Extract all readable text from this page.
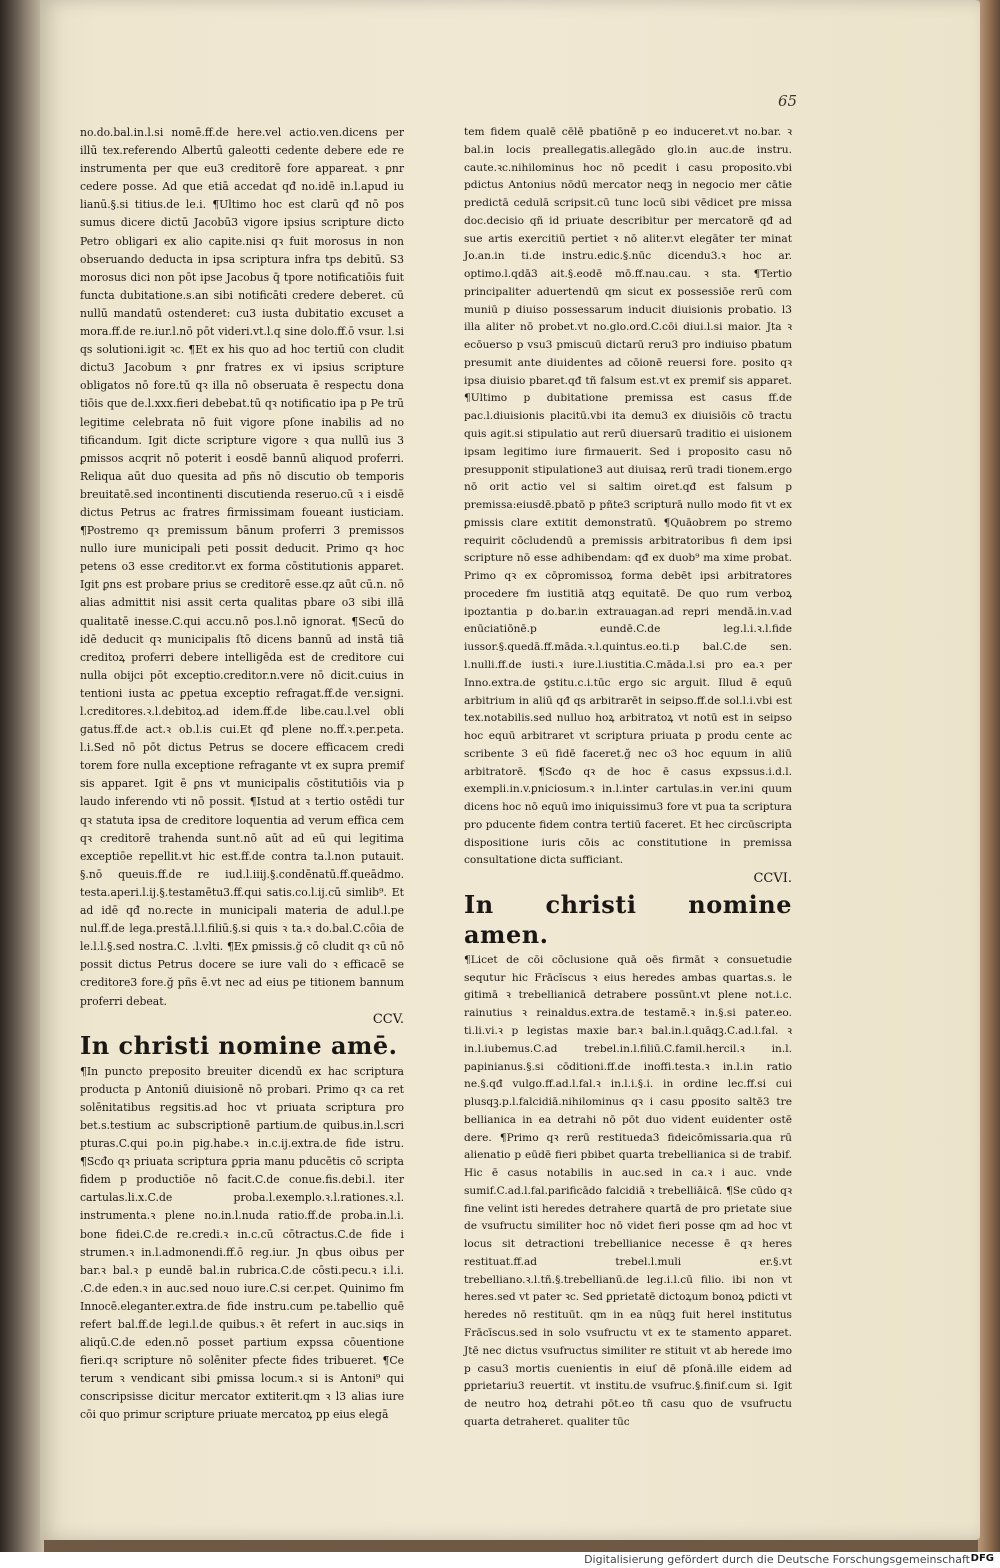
65

no.do.bal.in.l.si nomē.ff.de here.vel actio.ven.dicens per illū tex.referendo Albertū galeotti cedente debere ede re instrumenta per que eu3 creditorē fore appareat. ꝛ ꝑnr cedere posse. Ad que etiā accedat qđ no.idē in.l.apud iu lianū.§.si titius.de le.i. ¶Ultimo hoc est clarū qđ nō pos sumus dicere dictū Jacobū3 vigore ipsius scripture dicto Petro obligari ex alio capite.nisi qꝛ fuit morosus in non obseruando deducta in ipsa scriptura infra tps debitū. S3 morosus dici non pōt ipse Jacobus q̄ tpore notificatiōis fuit functa dubitatione.s.an sibi notificāti credere deberet. cū nullū mandatū ostenderet: cu3 iusta dubitatio excuset a mora.ff.de re.iur.l.nō pōt videri.vt.l.q sine dolo.ff.ō vsur. l.si qs solutioni.igit ꝛc. ¶Et ex his quo ad hoc tertiū con cludit dictu3 Jacobum ꝛ ꝑnr fratres ex vi ipsius scripture obligatos nō fore.tū qꝛ illa nō obseruata ē respectu dona tiōis que de.l.xxx.fieri debebat.tū qꝛ notificatio ipa p Pe trū legitime celebrata nō fuit vigore pſone inabilis ad no tificandum. Igit dicte scripture vigore ꝛ qua nullū ius 3 ꝑmissos acqrit nō poterit i eosdē bannū aliquod proferri. Reliqua aūt duo quesita ad pñs nō discutio ob temporis breuitatē.sed incontinenti discutienda reseruo.cū ꝛ i eisdē dictus Petrus ac fratres firmissimam foueant iusticiam. ¶Postremo qꝛ premissum bānum proferri 3 premissos nullo iure municipali peti possit deducit. Primo qꝛ hoc petens o3 esse creditor.vt ex forma cōstitutionis apparet. Igit ꝑns est probare prius se creditorē esse.qz aūt cū.n. nō alias admittit nisi assit certa qualitas pbare o3 sibi illā qualitatē inesse.C.qui accu.nō pos.l.nō ignorat. ¶Secū do idē deducit qꝛ municipalis ſtō dicens bannū ad instā tiā creditoꝝ proferri debere intelligēda est de creditore cui nulla obijci pōt exceptio.creditor.n.vere nō dicit.cuius in tentioni iusta ac ꝑpetua exceptio refragat.ff.de ver.signi. l.creditores.ꝛ.l.debitoꝝ.ad idem.ff.de libe.cau.l.vel obli gatus.ff.de act.ꝛ ob.l.is cui.Et qđ plene no.ff.ꝛ.per.peta. l.i.Sed nō pōt dictus Petrus se docere efficacem credi torem fore nulla exceptione refragante vt ex supra premif sis apparet. Igit ē ꝑns vt municipalis cōstitutiōis via p laudo inferendo vti nō possit. ¶Istud at ꝛ tertio ostēdi tur qꝛ statuta ipsa de creditore loquentia ad verum effica cem qꝛ creditorē trahenda sunt.nō aūt ad eū qui legitima exceptiōe repellit.vt hic est.ff.de contra ta.l.non putauit. §.nō queuis.ff.de re iud.l.iiij.§.condēnatū.ff.queādmo. testa.aperi.l.ij.§.testamētu3.ff.qui satis.co.l.ij.cū simlib⁹. Et ad idē qđ no.recte in municipali materia de adul.l.pe nul.ff.de lega.prestā.l.l.filiū.§.si quis ꝛ ta.ꝛ do.bal.C.cōia de le.l.l.§.sed nostra.C. .l.vlti. ¶Ex ꝑmissis.ğ cō cludit qꝛ cū nō possit dictus Petrus docere se iure vali do ꝛ efficacē se creditore3 fore.ğ pñs ē.vt nec ad eius pe titionem bannum proferri debeat.

CCV.
In christi nomine amē.

¶In puncto preposito breuiter dicendū ex hac scriptura producta p Antoniū diuisionē nō probari. Primo qꝛ ca ret solēnitatibus regsitis.ad hoc vt priuata scriptura pro bet.s.testium ac subscriptionē partium.de quibus.in.l.scri pturas.C.qui po.in pig.habe.ꝛ in.c.ij.extra.de fide istru. ¶Scđo qꝛ priuata scriptura ꝑpria manu pducētis cō scripta fidem p productiōe nō facit.C.de conue.fis.debi.l. iter cartulas.li.x.C.de proba.l.exemplo.ꝛ.l.rationes.ꝛ.l. instrumenta.ꝛ plene no.in.l.nuda ratio.ff.de proba.in.l.i. bone fidei.C.de re.credi.ꝛ in.c.cū cōtractus.C.de fide i strumen.ꝛ in.l.admonendi.ff.ō reg.iur. Jn qbus oibus per bar.ꝛ bal.ꝛ p eundē bal.in rubrica.C.de cōsti.pecu.ꝛ i.l.i. .C.de eden.ꝛ in auc.sed nouo iure.C.si cer.pet. Quinimo fm Innocē.eleganter.extra.de fide instru.cum pe.tabellio quē refert bal.ff.de legi.l.de quibus.ꝛ ēt refert in auc.siqs in aliqū.C.de eden.nō posset partium expssa cōuentione fieri.qꝛ scripture nō solēniter pfecte fides tribueret. ¶Ce terum ꝛ vendicant sibi ꝑmissa locum.ꝛ si is Antoni⁹ qui conscripsisse dicitur mercator extiterit.qm ꝛ l3 alias iure cōi quo primur scripture priuate mercatoꝝ pp eius elegā

tem fidem qualē cēlē pbatiōnē p eo induceret.vt no.bar. ꝛ bal.in locis preallegatis.allegādo glo.in auc.de instru. caute.ꝛc.nihilominus hoc nō pcedit i casu proposito.vbi pdictus Antonius nōdū mercator neqꝫ in negocio mer cātie predictā cedulā scripsit.cū tunc locū sibi vēdicet pre missa doc.decisio qñ id priuate describitur per mercatorē qđ ad sue artis exercitiū pertiet ꝛ nō aliter.vt elegāter ter minat Jo.an.in ti.de instru.edic.§.nūc dicendu3.ꝛ hoc ar. optimo.l.qdā3 ait.§.eodē mō.ff.nau.cau. ꝛ sta. ¶Tertio principaliter aduertendū qm sicut ex possessiōe rerū com muniū p diuiso possessarum inducit diuisionis probatio. l3 illa aliter nō probet.vt no.glo.ord.C.cōi diui.l.si maior. Jta ꝛ ecōuerso p vsu3 pmiscuū dictarū reru3 pro indiuiso pbatum presumit ante diuidentes ad cōionē reuersi fore. posito qꝛ ipsa diuisio pbaret.qđ tñ falsum est.vt ex premif sis apparet. ¶Ultimo p dubitatione premissa est casus ff.de pac.l.diuisionis placitū.vbi ita demu3 ex diuisiōis cō tractu quis agit.si stipulatio aut rerū diuersarū traditio ei uisionem ipsam legitimo iure firmauerit. Sed i proposito casu nō presupponit stipulatione3 aut diuisaꝝ rerū tradi tionem.ergo nō orit actio vel si saltim oiret.qđ est falsum p premissa:eiusdē.pbatō p pñte3 scripturā nullo modo fit vt ex ꝑmissis clare extitit demonstratū. ¶Quāobrem po stremo requirit cōcludendū a premissis arbitratoribus fi dem ipsi scripture nō esse adhibendam: qđ ex duob⁹ ma xime probat. Primo qꝛ ex cōpromissoꝝ forma debēt ipsi arbitratores procedere fm iustitiā atqꝫ equitatē. De quo rum verboꝝ ipoztantia p do.bar.in extrauagan.ad repri mendā.in.v.ad enūciatiōnē.p eundē.C.de leg.l.i.ꝛ.l.fide iussor.§.quedā.ff.māda.ꝛ.l.quintus.eo.ti.p bal.C.de sen. l.nulli.ff.de iusti.ꝛ iure.l.iustitia.C.māda.l.si pro ea.ꝛ per Inno.extra.de ꝯstitu.c.i.tūc ergo sic arguit. Illud ē equū arbitrium in aliū qđ qs arbitrarēt in seipso.ff.de sol.l.i.vbi est tex.notabilis.sed nulluo hoꝝ arbitratoꝝ vt notū est in seipso hoc equū arbitraret vt scriptura priuata p produ cente ac scribente 3 eū fidē faceret.ğ nec o3 hoc equum in aliū arbitratorē. ¶Scđo qꝛ de hoc ē casus expssus.i.d.l. exempli.in.v.ꝑniciosum.ꝛ in.l.inter cartulas.in ver.ini quum dicens hoc nō equū imo iniquissimu3 fore vt pua ta scriptura pro pducente fidem contra tertiū faceret. Et hec circūscripta dispositione iuris cōis ac constitutione in premissa consultatione dicta sufficiant.

CCVI.
In christi nomine amen.

¶Licet de cōi cōclusione quā oēs firmāt ꝛ consuetudie sequtur hic Frācīscus ꝛ eius heredes ambas quartas.s. le gitimā ꝛ trebellianicā detrabere possūnt.vt plene not.i.c. rainutius ꝛ reinaldus.extra.de testamē.ꝛ in.§.si pater.eo. ti.li.vi.ꝛ p legistas maxie bar.ꝛ bal.in.l.quāqꝫ.C.ad.l.fal. ꝛ in.l.iubemus.C.ad trebel.in.l.filiū.C.famil.hercil.ꝛ in.l. papinianus.§.si cōditioni.ff.de inoffi.testa.ꝛ in.l.in ratio ne.§.qđ vulgo.ff.ad.l.fal.ꝛ in.l.i.§.i. in ordine lec.ff.si cui plusqꝫ.p.l.falcidiā.nihilominus qꝛ i casu ꝑposito saltē3 tre bellianica in ea detrahi nō pōt duo vident euidenter ostē dere. ¶Primo qꝛ rerū restitueda3 fideicōmissaria.qua rū alienatio p eūdē fieri pbibet quarta trebellianica si de trabif. Hic ē casus notabilis in auc.sed in ca.ꝛ i auc. vnde sumif.C.ad.l.fal.parificādo falcidiā ꝛ trebelliāicā. ¶Se cūdo qꝛ fine velint isti heredes detrahere quartā de pro prietate siue de vsufructu similiter hoc nō videt fieri posse qm ad hoc vt locus sit detractioni trebellianice necesse ē qꝛ heres restituat.ff.ad trebel.l.muli er.§.vt trebelliano.ꝛ.l.tñ.§.trebellianū.de leg.i.l.cū filio. ibi non vt heres.sed vt pater ꝛc. Sed ꝑprietatē dictoꝝum bonoꝝ pdicti vt heredes nō restituūt. qm in ea nūqꝫ fuit herel institutus Frācīscus.sed in solo vsufructu vt ex te stamento apparet. Jtē nec dictus vsufructus similiter re stituit vt ab herede imo p casu3 mortis cuenientis in eiuſ dē pſonā.ille eidem ad ꝑprietariu3 reuertit. vt institu.de vsufruc.§.finif.cum si. Igit de neutro hoꝝ detrahi pōt.eo tñ casu quo de vsufructu quarta detraheret. qualiter tūc

Digitalisierung gefördert durch die Deutsche Forschungsgemeinschaft DFG
